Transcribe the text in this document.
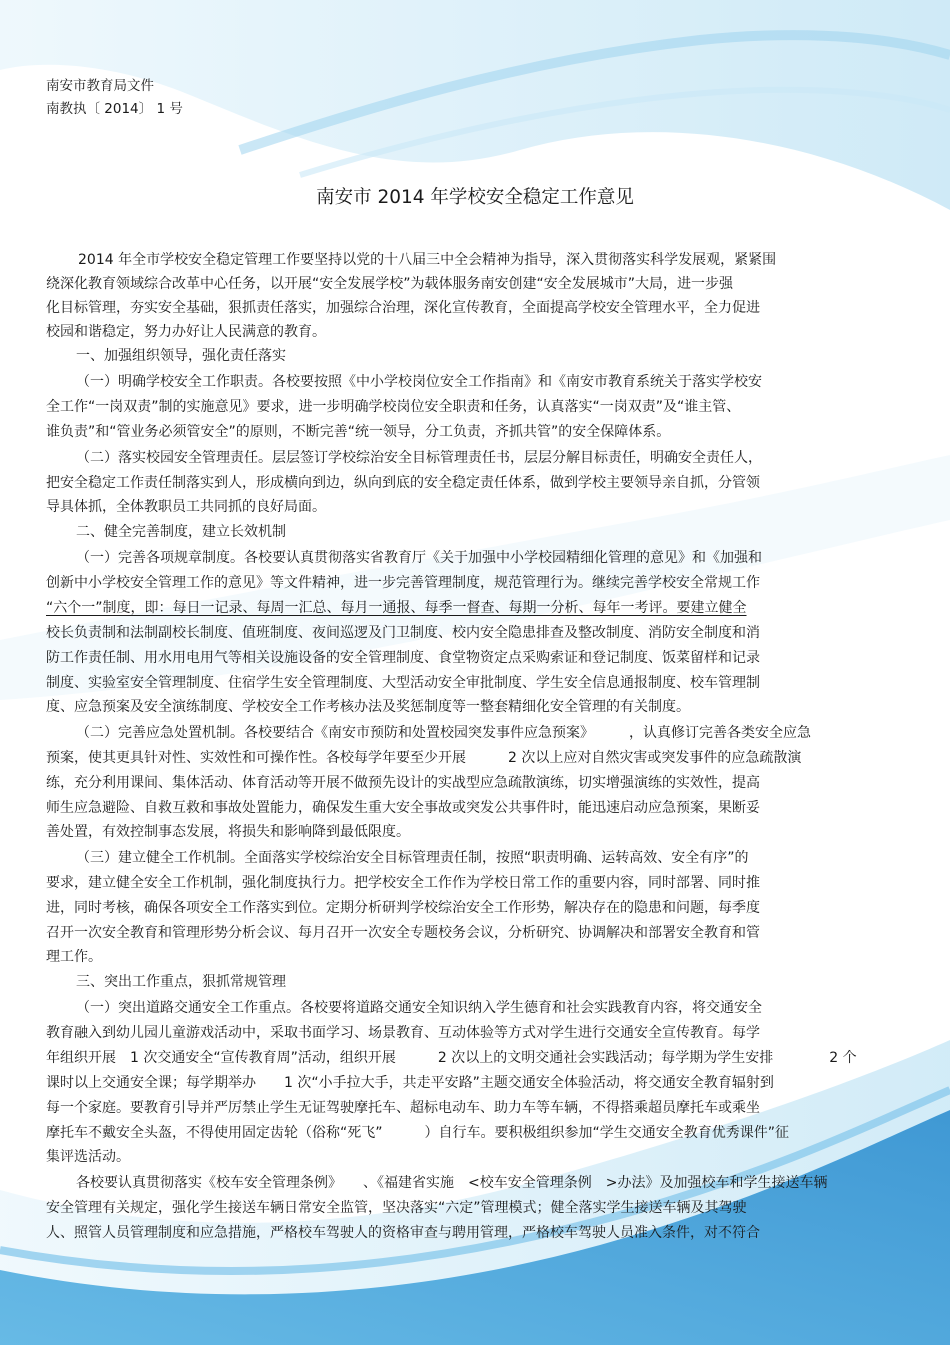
南安市教育局文件
南教执〔 2014〕 1 号
南安市 2014 年学校安全稳定工作意见
2014 年全市学校安全稳定管理工作要坚持以党的十八届三中全会精神为指导，深入贯彻落实科学发展观，紧紧围
绕深化教育领域综合改革中心任务，以开展“安全发展学校”为载体服务南安创建“安全发展城市”大局，进一步强
化目标管理，夯实安全基础，狠抓责任落实，加强综合治理，深化宣传教育，全面提高学校安全管理水平，全力促进
校园和谐稳定，努力办好让人民满意的教育。
一、加强组织领导，强化责任落实
（一）明确学校安全工作职责。各校要按照《中小学校岗位安全工作指南》和《南安市教育系统关于落实学校安
全工作“一岗双责”制的实施意见》要求，进一步明确学校岗位安全职责和任务，认真落实“一岗双责”及“谁主管、
谁负责”和“管业务必须管安全”的原则，不断完善“统一领导，分工负责，齐抓共管”的安全保障体系。
（二）落实校园安全管理责任。层层签订学校综治安全目标管理责任书，层层分解目标责任，明确安全责任人，
把安全稳定工作责任制落实到人，形成横向到边，纵向到底的安全稳定责任体系，做到学校主要领导亲自抓，分管领
导具体抓，全体教职员工共同抓的良好局面。
二、健全完善制度，建立长效机制
（一）完善各项规章制度。各校要认真贯彻落实省教育厅《关于加强中小学校园精细化管理的意见》和《加强和
创新中小学校安全管理工作的意见》等文件精神，进一步完善管理制度，规范管理行为。继续完善学校安全常规工作
“六个一”制度，即：每日一记录、每周一汇总、每月一通报、每季一督查、每期一分析、每年一考评。要建立健全
校长负责制和法制副校长制度、值班制度、夜间巡逻及门卫制度、校内安全隐患排查及整改制度、消防安全制度和消
防工作责任制、用水用电用气等相关设施设备的安全管理制度、食堂物资定点采购索证和登记制度、饭菜留样和记录
制度、实验室安全管理制度、住宿学生安全管理制度、大型活动安全审批制度、学生安全信息通报制度、校车管理制
度、应急预案及安全演练制度、学校安全工作考核办法及奖惩制度等一整套精细化安全管理的有关制度。
（二）完善应急处置机制。各校要结合《南安市预防和处置校园突发事件应急预案》　　　，认真修订完善各类安全应急
预案，使其更具针对性、实效性和可操作性。各校每学年要至少开展　　　2 次以上应对自然灾害或突发事件的应急疏散演
练，充分利用课间、集体活动、体育活动等开展不做预先设计的实战型应急疏散演练，切实增强演练的实效性，提高
师生应急避险、自救互救和事故处置能力，确保发生重大安全事故或突发公共事件时，能迅速启动应急预案，果断妥
善处置，有效控制事态发展，将损失和影响降到最低限度。
（三）建立健全工作机制。全面落实学校综治安全目标管理责任制，按照“职责明确、运转高效、安全有序”的
要求，建立健全安全工作机制，强化制度执行力。把学校安全工作作为学校日常工作的重要内容，同时部署、同时推
进，同时考核，确保各项安全工作落实到位。定期分析研判学校综治安全工作形势，解决存在的隐患和问题，每季度
召开一次安全教育和管理形势分析会议、每月召开一次安全专题校务会议，分析研究、协调解决和部署安全教育和管
理工作。
三、突出工作重点，狠抓常规管理
（一）突出道路交通安全工作重点。各校要将道路交通安全知识纳入学生德育和社会实践教育内容，将交通安全
教育融入到幼儿园儿童游戏活动中，采取书面学习、场景教育、互动体验等方式对学生进行交通安全宣传教育。每学
年组织开展　1 次交通安全“宣传教育周”活动，组织开展　　　2 次以上的文明交通社会实践活动；每学期为学生安排　　　　2 个
课时以上交通安全课；每学期举办　　1 次“小手拉大手，共走平安路”主题交通安全体验活动，将交通安全教育辐射到
每一个家庭。要教育引导并严厉禁止学生无证驾驶摩托车、超标电动车、助力车等车辆，不得搭乘超员摩托车或乘坐
摩托车不戴安全头盔，不得使用固定齿轮（俗称“死飞”　　　）自行车。要积极组织参加“学生交通安全教育优秀课件”征
集评选活动。
各校要认真贯彻落实《校车安全管理条例》　　、《福建省实施　<校车安全管理条例　>办法》及加强校车和学生接送车辆
安全管理有关规定，强化学生接送车辆日常安全监管，坚决落实“六定”管理模式；健全落实学生接送车辆及其驾驶
人、照管人员管理制度和应急措施，严格校车驾驶人的资格审查与聘用管理，严格校车驾驶人员准入条件，对不符合
